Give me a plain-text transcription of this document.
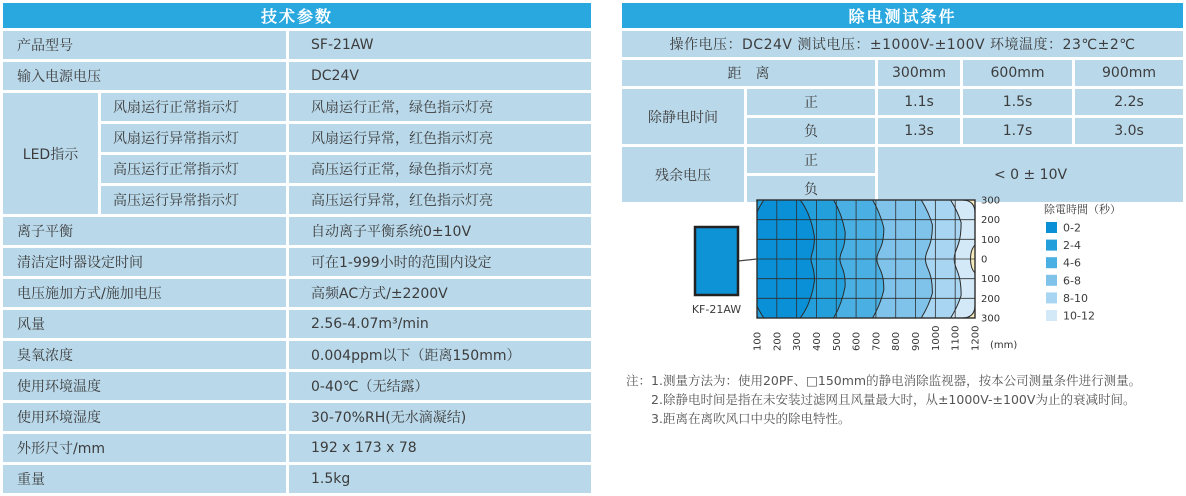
技术参数		
产品型号		SF-21AW
输入电源电压		DC24V
LED指示	风扇运行正常指示灯	风扇运行正常，绿色指示灯亮
	风扇运行异常指示灯	风扇运行异常，红色指示灯亮
	高压运行正常指示灯	高压运行正常，绿色指示灯亮
	高压运行异常指示灯	高压运行异常，红色指示灯亮
离子平衡		自动离子平衡系统0±10V
清洁定时器设定时间		可在1-999小时的范围内设定
电压施加方式/施加电压		高频AC方式/±2200V
风量		2.56-4.07m³/min
臭氧浓度		0.004ppm以下（距离150mm）
使用环境温度		0-40℃（无结露）
使用环境湿度		30-70%RH(无水滴凝结)
外形尺寸/mm		192 x 173 x 78
重量		1.5kg
除电测试条件				
操作电压：DC24V 测试电压：±1000V-±100V 环境温度：23℃±2℃				
距　离		300mm	600mm	900mm
除静电时间	正	1.1s	1.5s	2.2s
	负	1.3s	1.7s	3.0s
残余电压	正	< 0 ± 10V		
	负			
KF-21AW
300
200
100
0
100
200
300
100 200 300 400 500 600 700 800 900 1000 1100 1200 (mm)
除電時間（秒）
0-2
2-4
4-6
6-8
8-10
10-12
注： 1.测量方法为：使用20PF、□150mm的静电消除监视器，按本公司测量条件进行测量。
2.除静电时间是指在未安装过滤网且风量最大时，从±1000V-±100V为止的衰减时间。
3.距离在离吹风口中央的除电特性。
